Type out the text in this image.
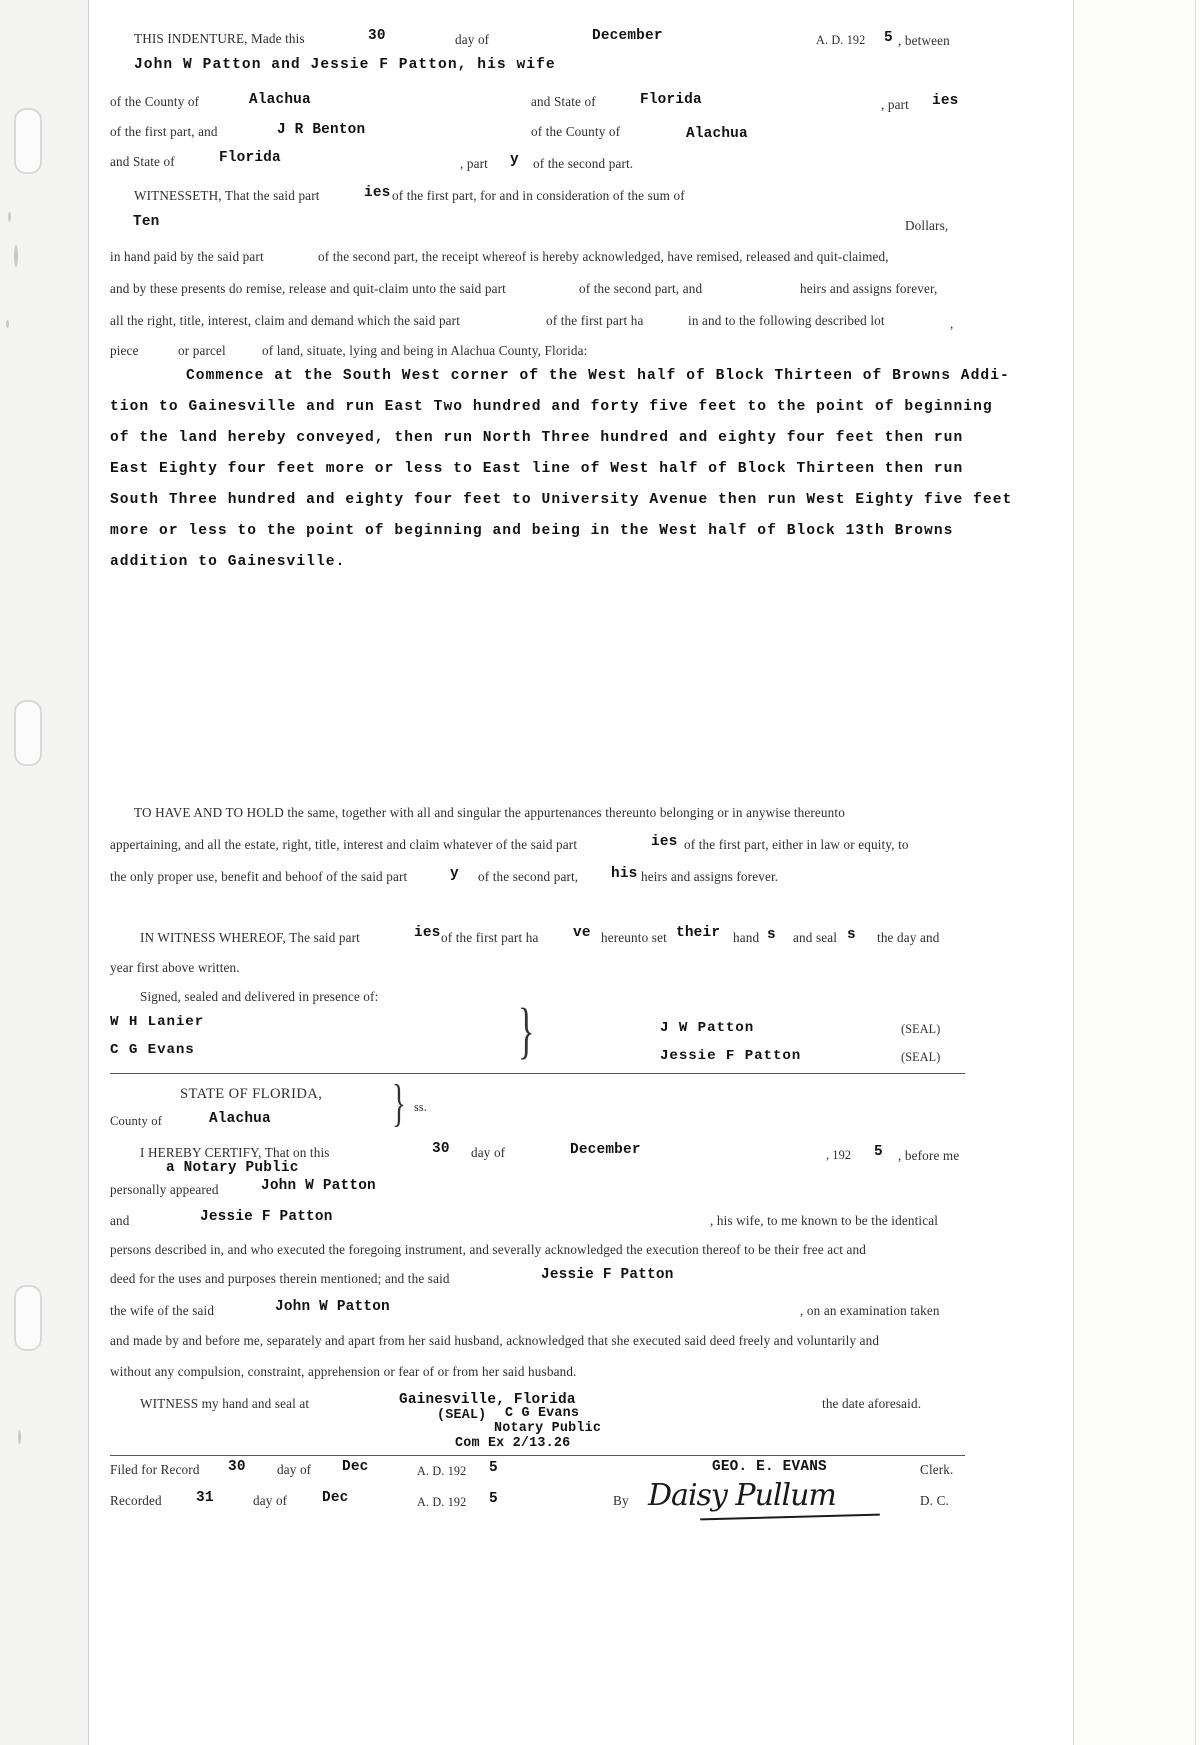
THIS INDENTURE, Made this	30	day of	December	A. D. 192 5 , between
John W Patton and Jessie F Patton, his wife
of the County of	Alachua	and State of	Florida	, part ies
of the first part, and	J R Benton	of the County of	Alachua
and State of	Florida	, part y of the second part.
WITNESSETH, That the said part	ies of the first part, for and in consideration of the sum of
Ten	Dollars,
in hand paid by the said part	of the second part, the receipt whereof is hereby acknowledged, have remised, released and quit-claimed,
and by these presents do remise, release and quit-claim unto the said part	of the second part, and	heirs and assigns forever,
all the right, title, interest, claim and demand which the said part	of the first part ha	in and to the following described lot	,
piece	or parcel	of land, situate, lying and being in Alachua County, Florida:
Commence at the South West corner of the West half of Block Thirteen of Browns Addi-
tion to Gainesville and run East Two hundred and forty five feet to the point of beginning
of the land hereby conveyed, then run North Three hundred and eighty four feet then run
East Eighty four feet more or less to East line of West half of Block Thirteen then run
South Three hundred and eighty four feet to University Avenue then run West Eighty five feet
more or less to the point of beginning and being in the West half of Block 13th Browns
addition to Gainesville.
TO HAVE AND TO HOLD the same, together with all and singular the appurtenances thereunto belonging or in anywise thereunto
appertaining, and all the estate, right, title, interest and claim whatever of the said part	ies of the first part, either in law or equity, to
the only proper use, benefit and behoof of the said part	y of the second part, his heirs and assigns forever.
IN WITNESS WHEREOF, The said part	ies of the first part ha ve hereunto set their hand s and seal s the day and
year first above written.
Signed, sealed and delivered in presence of:
W H Lanier
C G Evans	}	J W Patton	(SEAL)
Jessie F Patton	(SEAL)
STATE OF FLORIDA,
County of	Alachua } ss.
I HEREBY CERTIFY, That on this	30 day of	December	, 192 5 , before me
a Notary Public
personally appeared	John W Patton
and	Jessie F Patton	, his wife, to me known to be the identical
persons described in, and who executed the foregoing instrument, and severally acknowledged the execution thereof to be their free act and
deed for the uses and purposes therein mentioned; and the said	Jessie F Patton
the wife of the said	John W Patton	, on an examination taken
and made by and before me, separately and apart from her said husband, acknowledged that she executed said deed freely and voluntarily and
without any compulsion, constraint, apprehension or fear of or from her said husband.
WITNESS my hand and seal at	Gainesville, Florida	the date aforesaid.
(SEAL) C G Evans
Notary Public
Com Ex 2/13.26
Filed for Record 30 day of Dec	A. D. 192 5	GEO. E. EVANS	Clerk.
Recorded 31	day of Dec	A. D. 192 5	By Daisy Pullum	D. C.
